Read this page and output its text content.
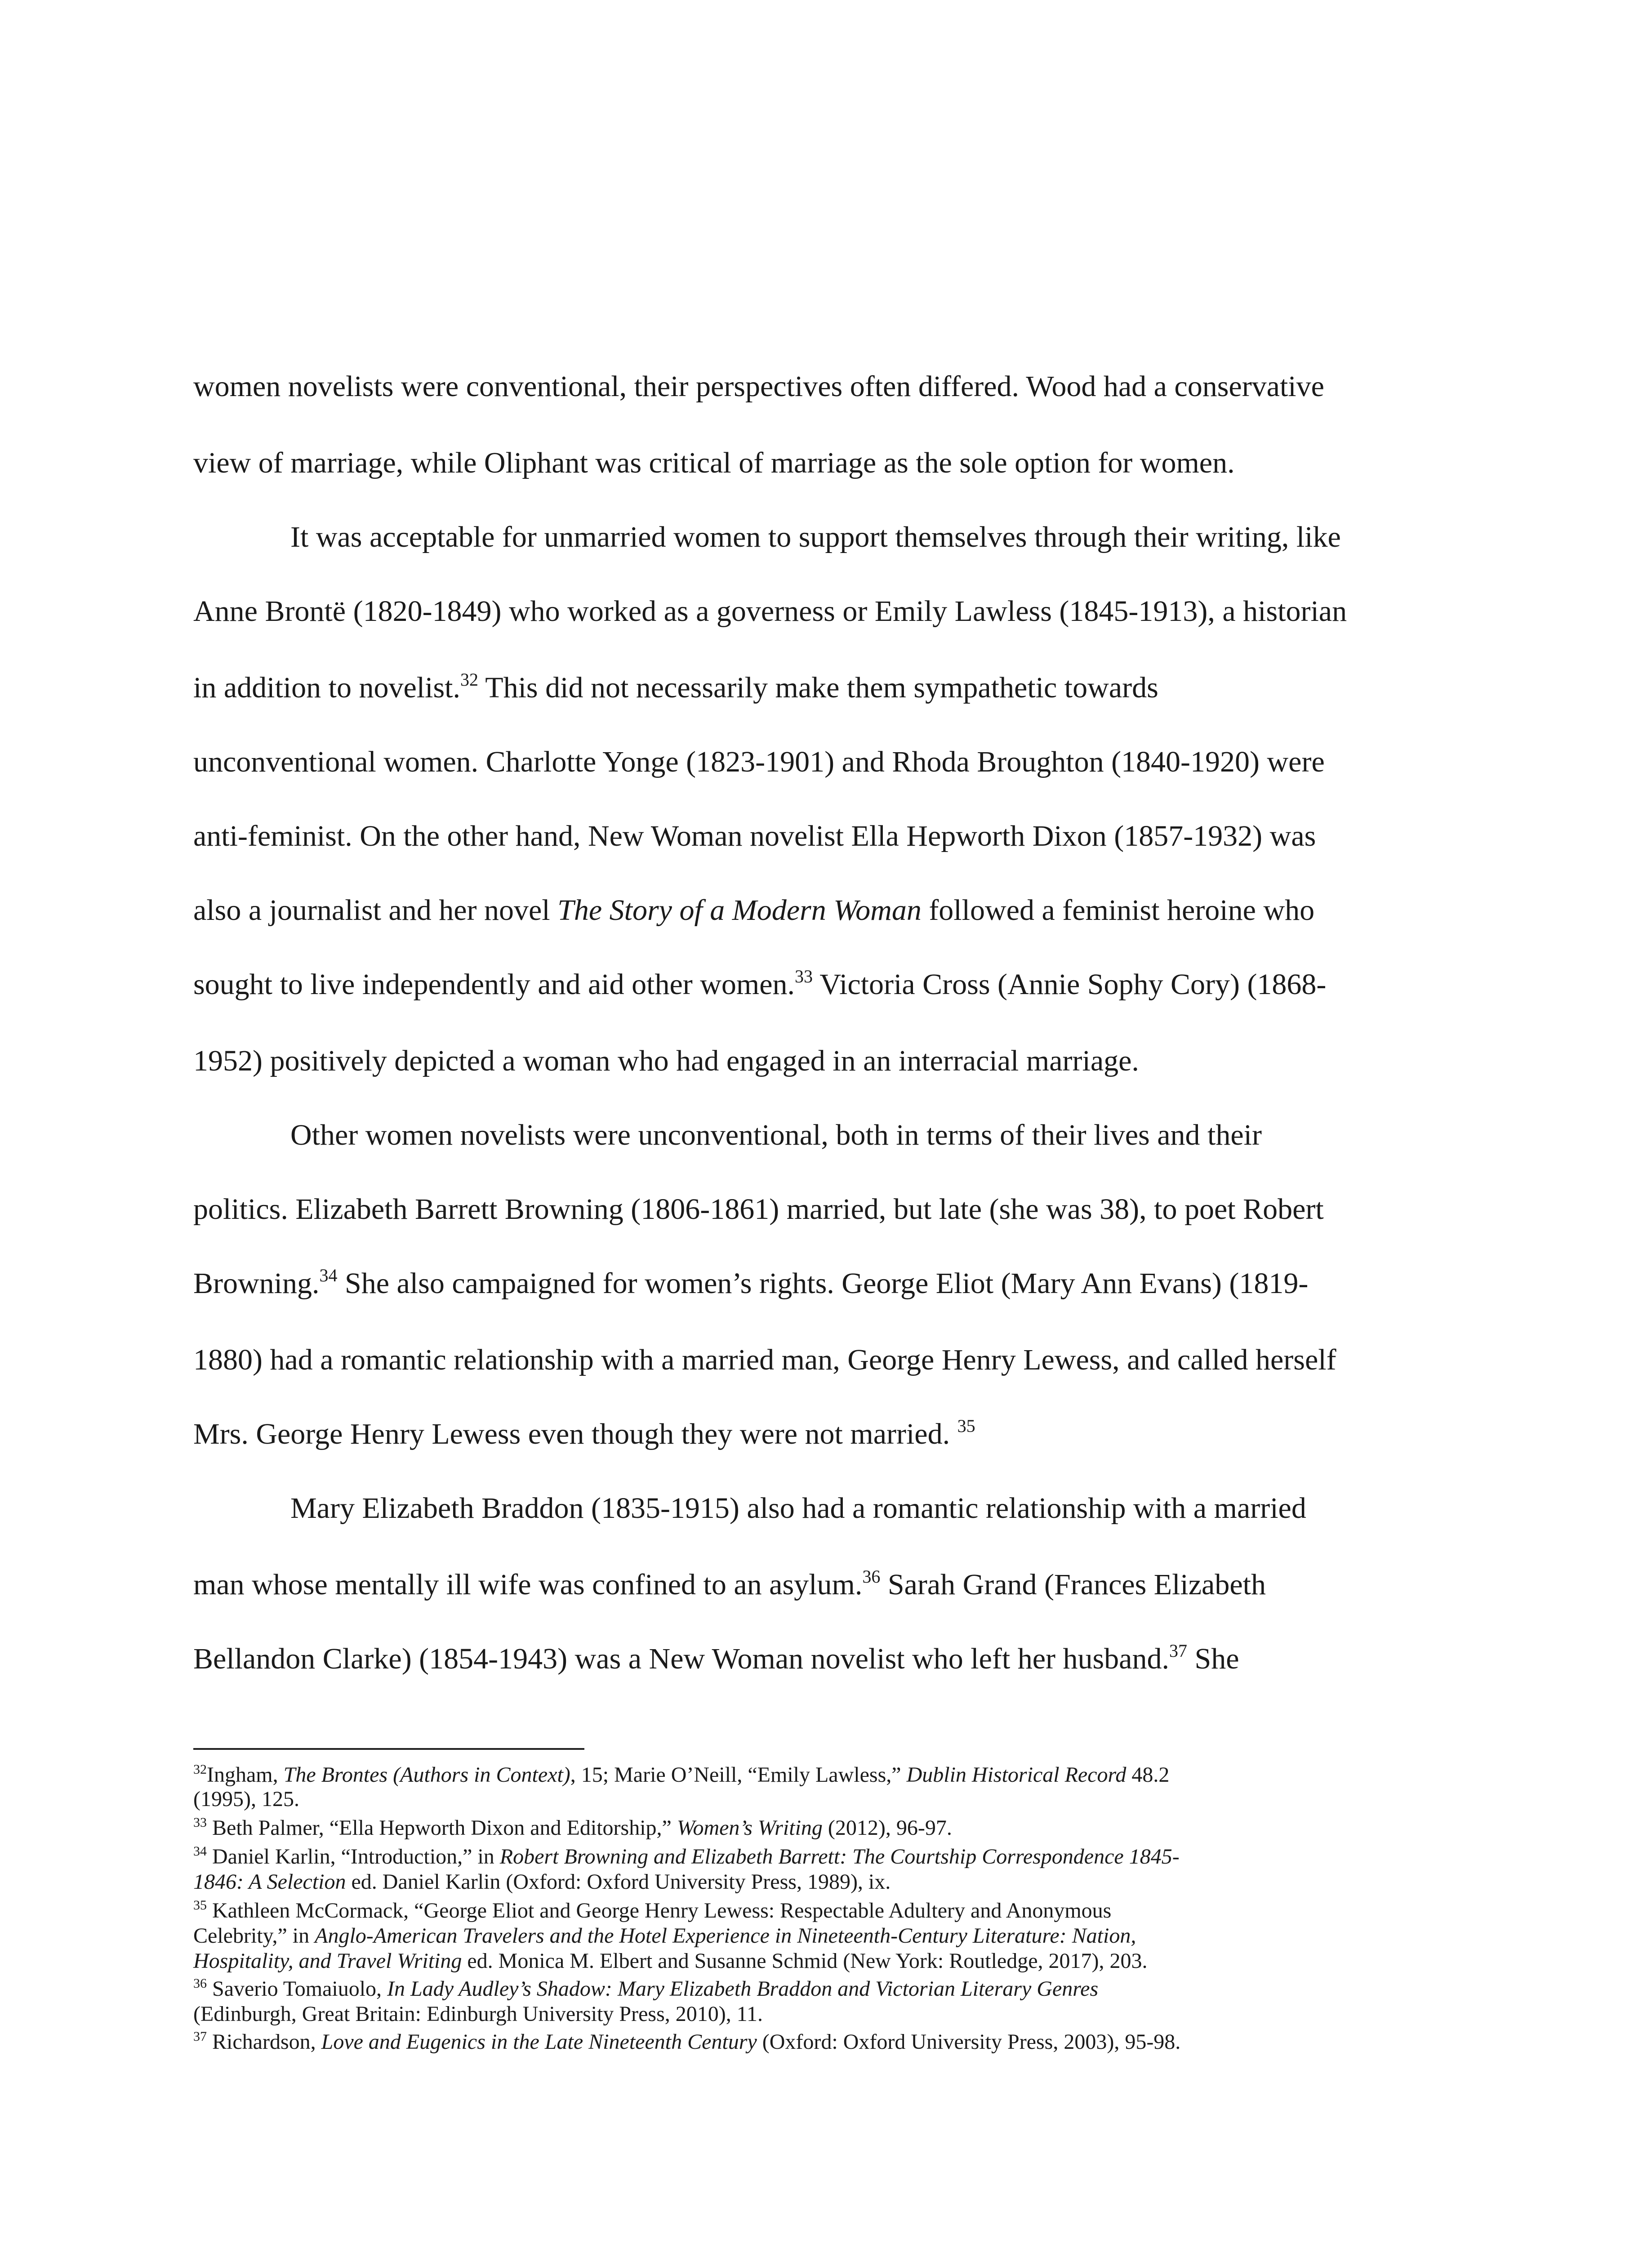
women novelists were conventional, their perspectives often differed. Wood had a conservative
view of marriage, while Oliphant was critical of marriage as the sole option for women.
It was acceptable for unmarried women to support themselves through their writing, like
Anne Brontë (1820-1849) who worked as a governess or Emily Lawless (1845-1913), a historian
in addition to novelist.$^{32}$ This did not necessarily make them sympathetic towards
unconventional women. Charlotte Yonge (1823-1901) and Rhoda Broughton (1840-1920) were
anti-feminist. On the other hand, New Woman novelist Ella Hepworth Dixon (1857-1932) was
also a journalist and her novel The Story of a Modern Woman followed a feminist heroine who
sought to live independently and aid other women.$^{33}$ Victoria Cross (Annie Sophy Cory) (1868-
1952) positively depicted a woman who had engaged in an interracial marriage.
Other women novelists were unconventional, both in terms of their lives and their
politics. Elizabeth Barrett Browning (1806-1861) married, but late (she was 38), to poet Robert
Browning.$^{34}$ She also campaigned for women’s rights. George Eliot (Mary Ann Evans) (1819-
1880) had a romantic relationship with a married man, George Henry Lewess, and called herself
Mrs. George Henry Lewess even though they were not married. $^{35}$
Mary Elizabeth Braddon (1835-1915) also had a romantic relationship with a married
man whose mentally ill wife was confined to an asylum.$^{36}$ Sarah Grand (Frances Elizabeth
Bellandon Clarke) (1854-1943) was a New Woman novelist who left her husband.$^{37}$ She
$^{32}$Ingham, The Brontes (Authors in Context), 15; Marie O’Neill, “Emily Lawless,” Dublin Historical Record 48.2
(1995), 125.
$^{33}$ Beth Palmer, “Ella Hepworth Dixon and Editorship,” Women’s Writing (2012), 96-97.
$^{34}$ Daniel Karlin, “Introduction,” in Robert Browning and Elizabeth Barrett: The Courtship Correspondence 1845-
1846: A Selection ed. Daniel Karlin (Oxford: Oxford University Press, 1989), ix.
$^{35}$ Kathleen McCormack, “George Eliot and George Henry Lewess: Respectable Adultery and Anonymous
Celebrity,” in Anglo-American Travelers and the Hotel Experience in Nineteenth-Century Literature: Nation,
Hospitality, and Travel Writing ed. Monica M. Elbert and Susanne Schmid (New York: Routledge, 2017), 203.
$^{36}$ Saverio Tomaiuolo, In Lady Audley’s Shadow: Mary Elizabeth Braddon and Victorian Literary Genres
(Edinburgh, Great Britain: Edinburgh University Press, 2010), 11.
$^{37}$ Richardson, Love and Eugenics in the Late Nineteenth Century (Oxford: Oxford University Press, 2003), 95-98.
